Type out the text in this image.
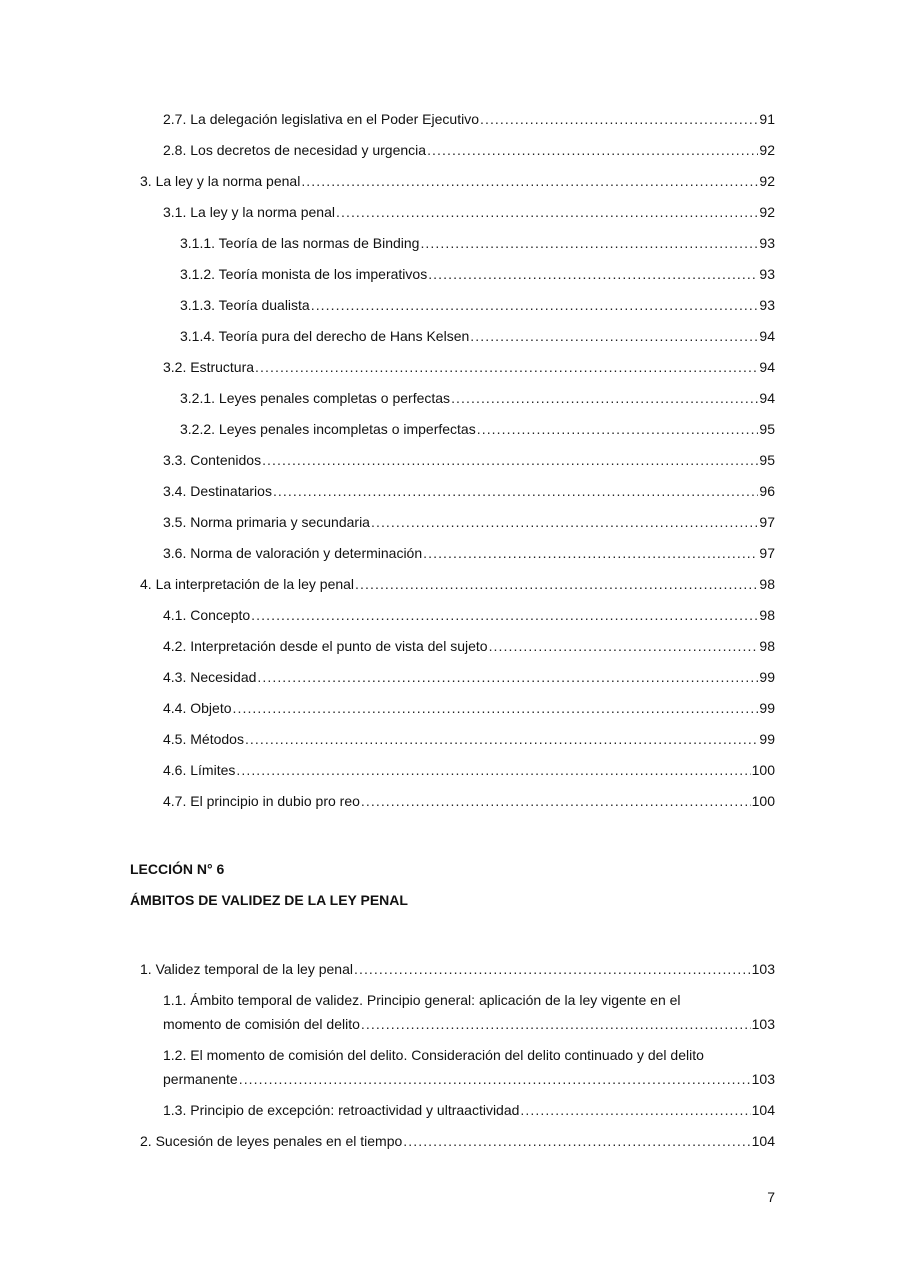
2.7. La delegación legislativa en el Poder Ejecutivo . . .	91
2.8. Los decretos de necesidad y urgencia . . .	92
3. La ley y la norma penal . . .	92
3.1. La ley y la norma penal . . .	92
3.1.1. Teoría de las normas de Binding . . .	93
3.1.2. Teoría monista de los imperativos . . .	93
3.1.3. Teoría dualista . . .	93
3.1.4. Teoría pura del derecho de Hans Kelsen . . .	94
3.2. Estructura . . .	94
3.2.1. Leyes penales completas o perfectas . . .	94
3.2.2. Leyes penales incompletas o imperfectas . . .	95
3.3. Contenidos . . .	95
3.4. Destinatarios . . .	96
3.5. Norma primaria y secundaria . . .	97
3.6. Norma de valoración y determinación . . .	97
4. La interpretación de la ley penal . . .	98
4.1. Concepto . . .	98
4.2. Interpretación desde el punto de vista del sujeto . . .	98
4.3. Necesidad . . .	99
4.4. Objeto . . .	99
4.5. Métodos . . .	99
4.6. Límites . . .	100
4.7. El principio in dubio pro reo . . .	100
LECCIÓN N° 6
ÁMBITOS DE VALIDEZ DE LA LEY PENAL
1. Validez temporal de la ley penal . . .	103
1.1. Ámbito temporal de validez. Principio general: aplicación de la ley vigente en el
momento de comisión del delito . . .	103
1.2. El momento de comisión del delito. Consideración del delito continuado y del delito
permanente . . .	103
1.3. Principio de excepción: retroactividad y ultraactividad . . .	104
2. Sucesión de leyes penales en el tiempo . . .	104
7
